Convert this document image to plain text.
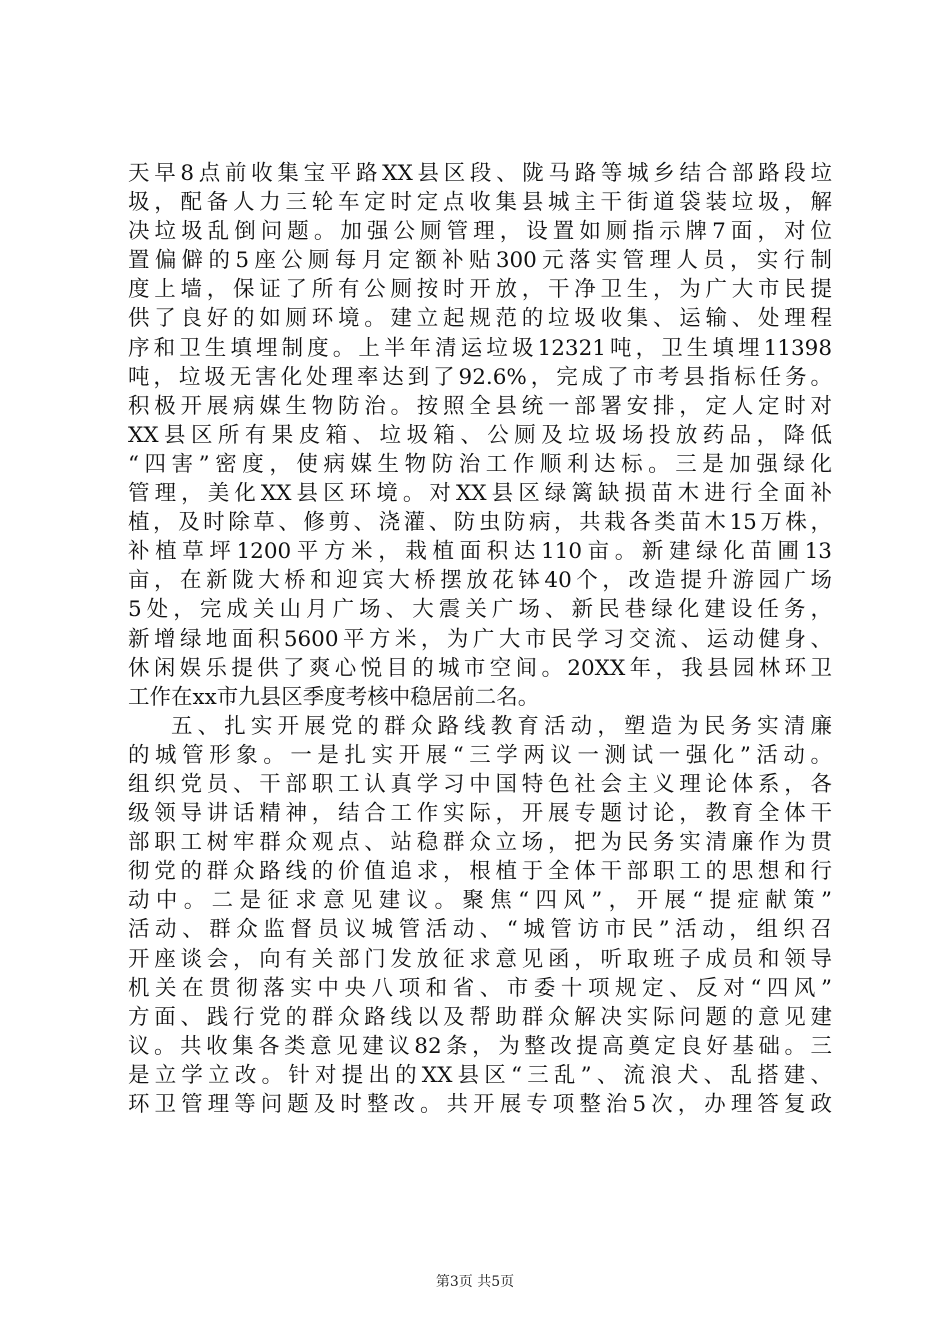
天早8点前收集宝平路XX县区段、陇马路等城乡结合部路段垃
圾，配备人力三轮车定时定点收集县城主干街道袋装垃圾，解
决垃圾乱倒问题。加强公厕管理，设置如厕指示牌7面，对位
置偏僻的5座公厕每月定额补贴300元落实管理人员，实行制
度上墙，保证了所有公厕按时开放，干净卫生，为广大市民提
供了良好的如厕环境。建立起规范的垃圾收集、运输、处理程
序和卫生填埋制度。上半年清运垃圾12321吨，卫生填埋11398
吨，垃圾无害化处理率达到了92.6%，完成了市考县指标任务。
积极开展病媒生物防治。按照全县统一部署安排，定人定时对
XX县区所有果皮箱、垃圾箱、公厕及垃圾场投放药品，降低
“四害”密度，使病媒生物防治工作顺利达标。三是加强绿化
管理，美化XX县区环境。对XX县区绿篱缺损苗木进行全面补
植，及时除草、修剪、浇灌、防虫防病，共栽各类苗木15万株，
补植草坪1200平方米，栽植面积达110亩。新建绿化苗圃13
亩，在新陇大桥和迎宾大桥摆放花钵40个，改造提升游园广场
5处，完成关山月广场、大震关广场、新民巷绿化建设任务，
新增绿地面积5600平方米，为广大市民学习交流、运动健身、
休闲娱乐提供了爽心悦目的城市空间。20XX年，我县园林环卫
工作在xx市九县区季度考核中稳居前二名。
五、扎实开展党的群众路线教育活动，塑造为民务实清廉
的城管形象。一是扎实开展“三学两议一测试一强化”活动。
组织党员、干部职工认真学习中国特色社会主义理论体系，各
级领导讲话精神，结合工作实际，开展专题讨论，教育全体干
部职工树牢群众观点、站稳群众立场，把为民务实清廉作为贯
彻党的群众路线的价值追求，根植于全体干部职工的思想和行
动中。二是征求意见建议。聚焦“四风”，开展“提症献策”
活动、群众监督员议城管活动、“城管访市民”活动，组织召
开座谈会，向有关部门发放征求意见函，听取班子成员和领导
机关在贯彻落实中央八项和省、市委十项规定、反对“四风”
方面、践行党的群众路线以及帮助群众解决实际问题的意见建
议。共收集各类意见建议82条，为整改提高奠定良好基础。三
是立学立改。针对提出的XX县区“三乱”、流浪犬、乱搭建、
环卫管理等问题及时整改。共开展专项整治5次，办理答复政
第3页 共5页
